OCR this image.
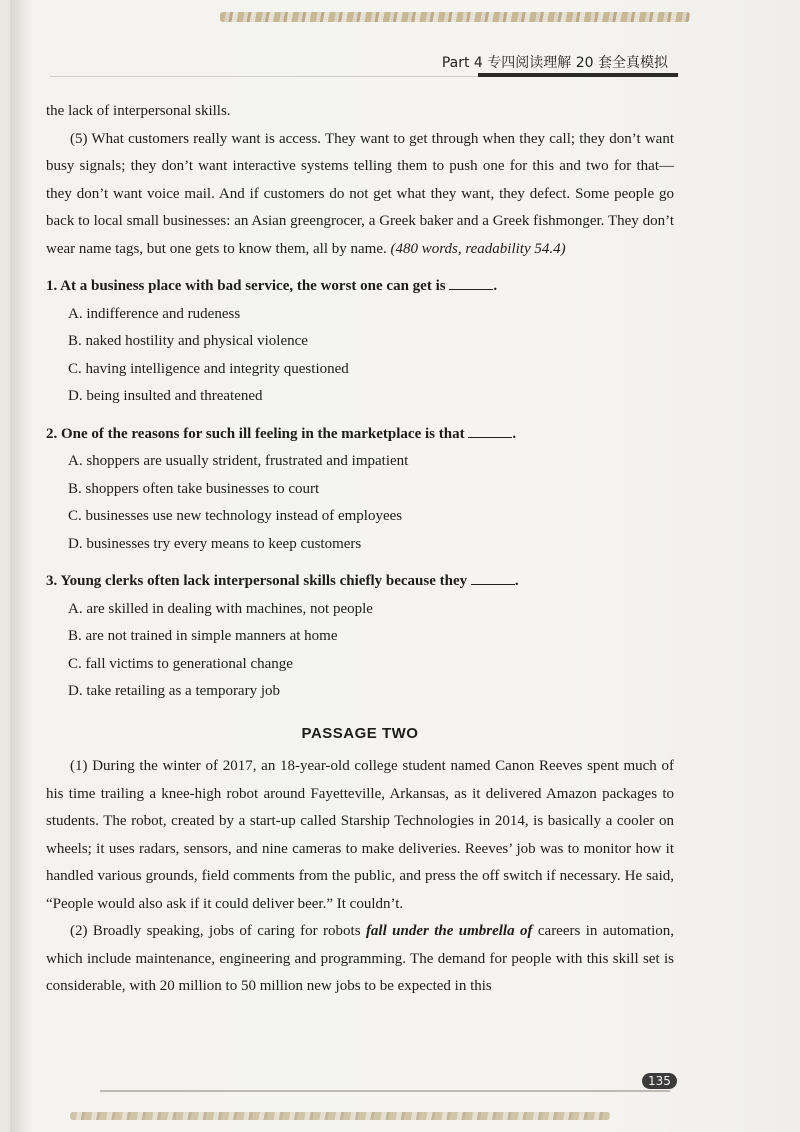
Part 4 专四阅读理解 20 套全真模拟

the lack of interpersonal skills.

(5) What customers really want is access. They want to get through when they call; they don’t want busy signals; they don’t want interactive systems telling them to push one for this and two for that—they don’t want voice mail. And if customers do not get what they want, they defect. Some people go back to local small businesses: an Asian greengrocer, a Greek baker and a Greek fishmonger. They don’t wear name tags, but one gets to know them, all by name. (480 words, readability 54.4)

1. At a business place with bad service, the worst one can get is	.
A. indifference and rudeness
B. naked hostility and physical violence
C. having intelligence and integrity questioned
D. being insulted and threatened
2. One of the reasons for such ill feeling in the marketplace is that	.
A. shoppers are usually strident, frustrated and impatient
B. shoppers often take businesses to court
C. businesses use new technology instead of employees
D. businesses try every means to keep customers
3. Young clerks often lack interpersonal skills chiefly because they	.
A. are skilled in dealing with machines, not people
B. are not trained in simple manners at home
C. fall victims to generational change
D. take retailing as a temporary job
PASSAGE TWO

(1) During the winter of 2017, an 18-year-old college student named Canon Reeves spent much of his time trailing a knee-high robot around Fayetteville, Arkansas, as it delivered Amazon packages to students. The robot, created by a start-up called Starship Technologies in 2014, is basically a cooler on wheels; it uses radars, sensors, and nine cameras to make deliveries. Reeves’ job was to monitor how it handled various grounds, field comments from the public, and press the off switch if necessary. He said, “People would also ask if it could deliver beer.” It couldn’t.

(2) Broadly speaking, jobs of caring for robots fall under the umbrella of careers in automation, which include maintenance, engineering and programming. The demand for people with this skill set is considerable, with 20 million to 50 million new jobs to be expected in this

135
